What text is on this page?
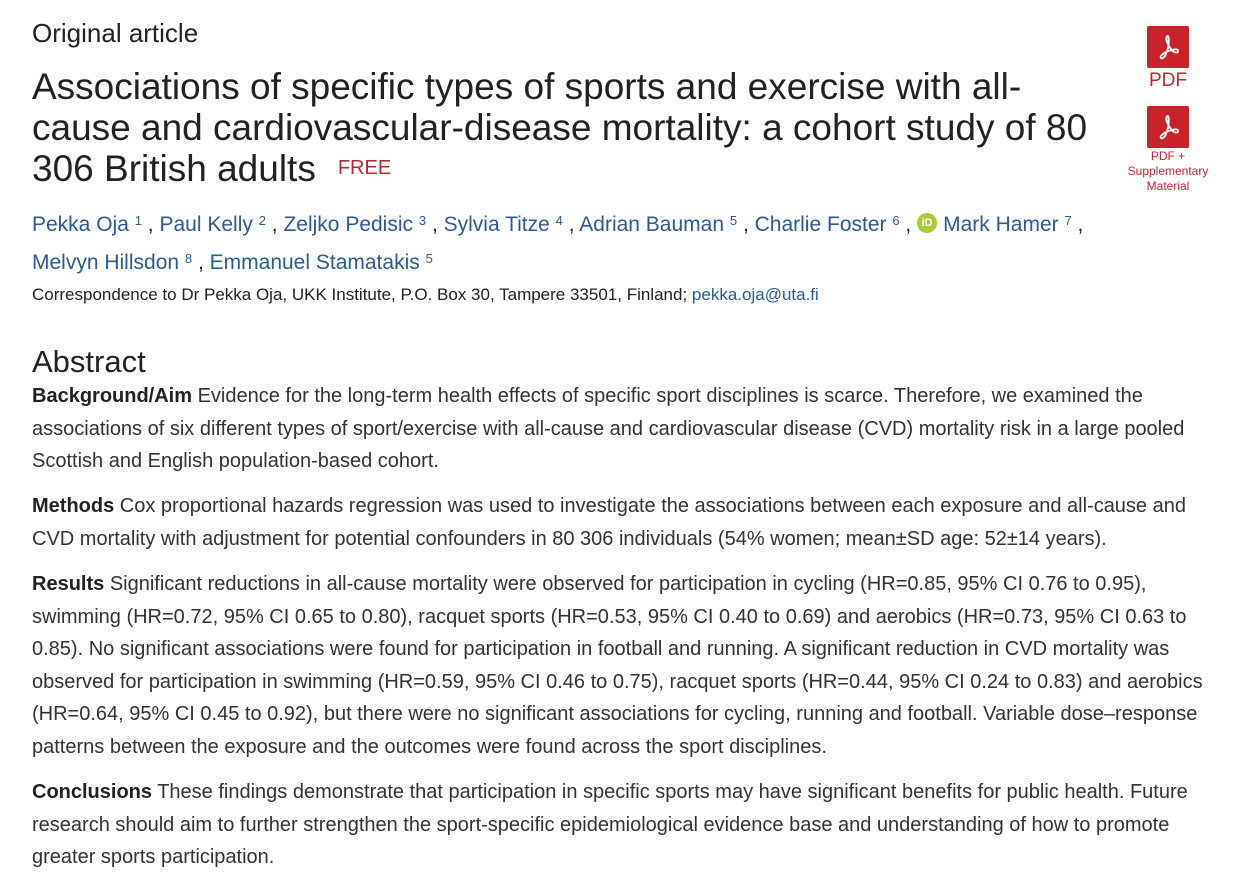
Original article
Associations of specific types of sports and exercise with all-cause and cardiovascular-disease mortality: a cohort study of 80 306 British adults FREE
PDF
PDF + Supplementary Material
Pekka Oja $^1$ , Paul Kelly $^2$ , Zeljko Pedisic $^3$ , Sylvia Titze $^4$ , Adrian Bauman $^5$ , Charlie Foster $^6$ , iD Mark Hamer $^7$ , Melvyn Hillsdon $^8$ , Emmanuel Stamatakis $^5$
Correspondence to Dr Pekka Oja, UKK Institute, P.O. Box 30, Tampere 33501, Finland; pekka.oja@uta.fi
Abstract

Background/Aim Evidence for the long-term health effects of specific sport disciplines is scarce. Therefore, we examined the associations of six different types of sport/exercise with all-cause and cardiovascular disease (CVD) mortality risk in a large pooled Scottish and English population-based cohort.

Methods Cox proportional hazards regression was used to investigate the associations between each exposure and all-cause and CVD mortality with adjustment for potential confounders in 80 306 individuals (54% women; mean±SD age: 52±14 years).

Results Significant reductions in all-cause mortality were observed for participation in cycling (HR=0.85, 95% CI 0.76 to 0.95), swimming (HR=0.72, 95% CI 0.65 to 0.80), racquet sports (HR=0.53, 95% CI 0.40 to 0.69) and aerobics (HR=0.73, 95% CI 0.63 to 0.85). No significant associations were found for participation in football and running. A significant reduction in CVD mortality was observed for participation in swimming (HR=0.59, 95% CI 0.46 to 0.75), racquet sports (HR=0.44, 95% CI 0.24 to 0.83) and aerobics (HR=0.64, 95% CI 0.45 to 0.92), but there were no significant associations for cycling, running and football. Variable dose–response patterns between the exposure and the outcomes were found across the sport disciplines.

Conclusions These findings demonstrate that participation in specific sports may have significant benefits for public health. Future research should aim to further strengthen the sport-specific epidemiological evidence base and understanding of how to promote greater sports participation.
